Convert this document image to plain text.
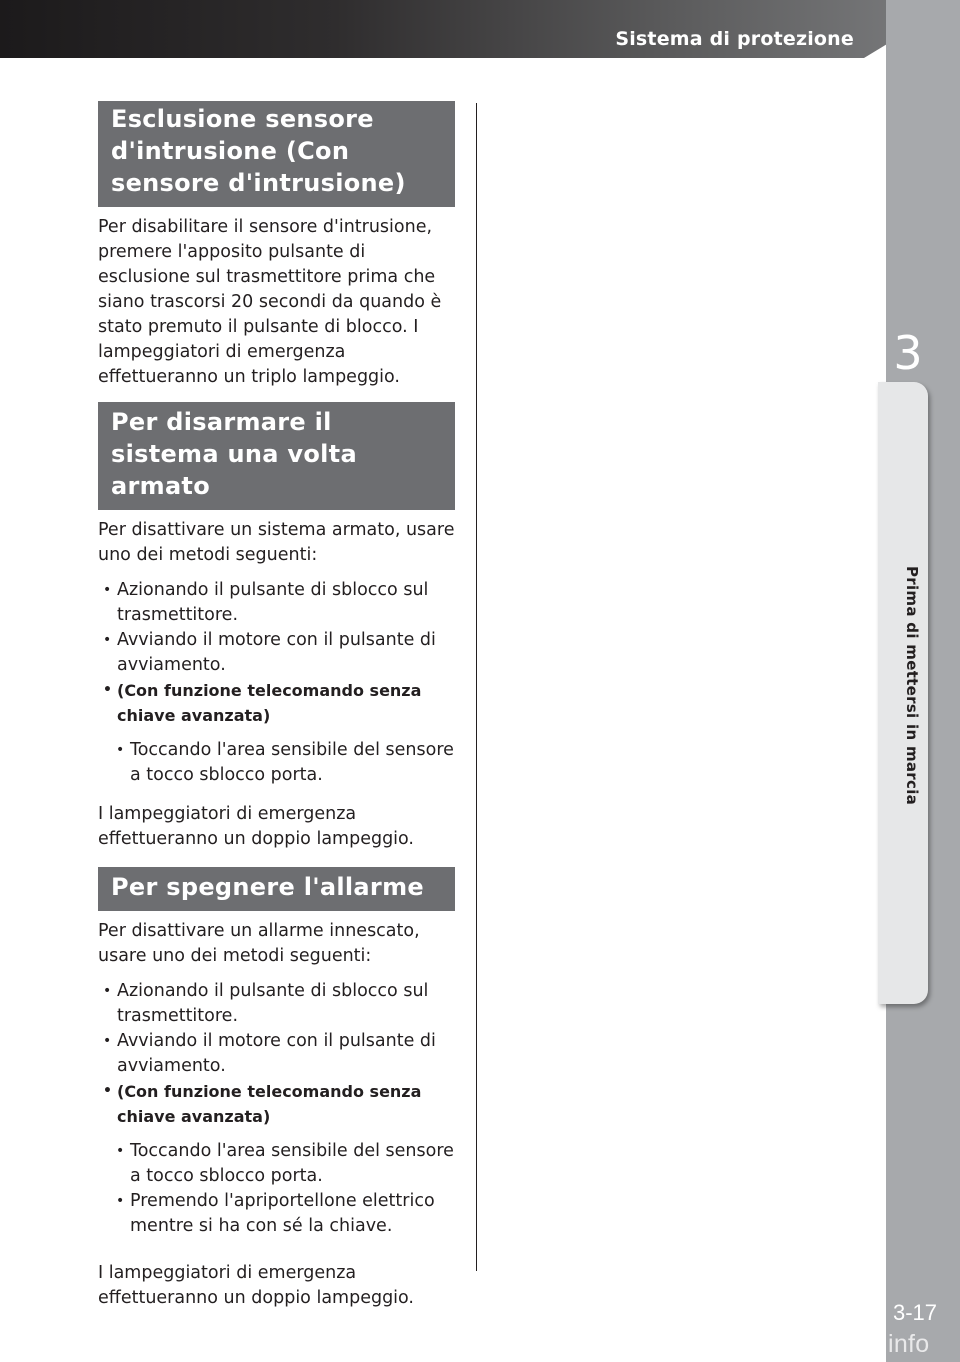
Sistema di protezione
3
Prima di mettersi in marcia
3-17
carmanualsonline.info
Esclusione sensore d'intrusione (Con sensore d'intrusione)

Per disabilitare il sensore d'intrusione, premere l'apposito pulsante di esclusione sul trasmettitore prima che siano trascorsi 20 secondi da quando è stato premuto il pulsante di blocco. I lampeggiatori di emergenza effettueranno un triplo lampeggio.

Per disarmare il sistema una volta armato

Per disattivare un sistema armato, usare uno dei metodi seguenti:

• Azionando il pulsante di sblocco sul trasmettitore.
• Avviando il motore con il pulsante di avviamento.
• (Con funzione telecomando senza chiave avanzata)
• Toccando l'area sensibile del sensore a tocco sblocco porta.

I lampeggiatori di emergenza effettueranno un doppio lampeggio.

Per spegnere l'allarme

Per disattivare un allarme innescato, usare uno dei metodi seguenti:

• Azionando il pulsante di sblocco sul trasmettitore.
• Avviando il motore con il pulsante di avviamento.
• (Con funzione telecomando senza chiave avanzata)
• Toccando l'area sensibile del sensore a tocco sblocco porta.
• Premendo l'apriportellone elettrico mentre si ha con sé la chiave.

I lampeggiatori di emergenza effettueranno un doppio lampeggio.
